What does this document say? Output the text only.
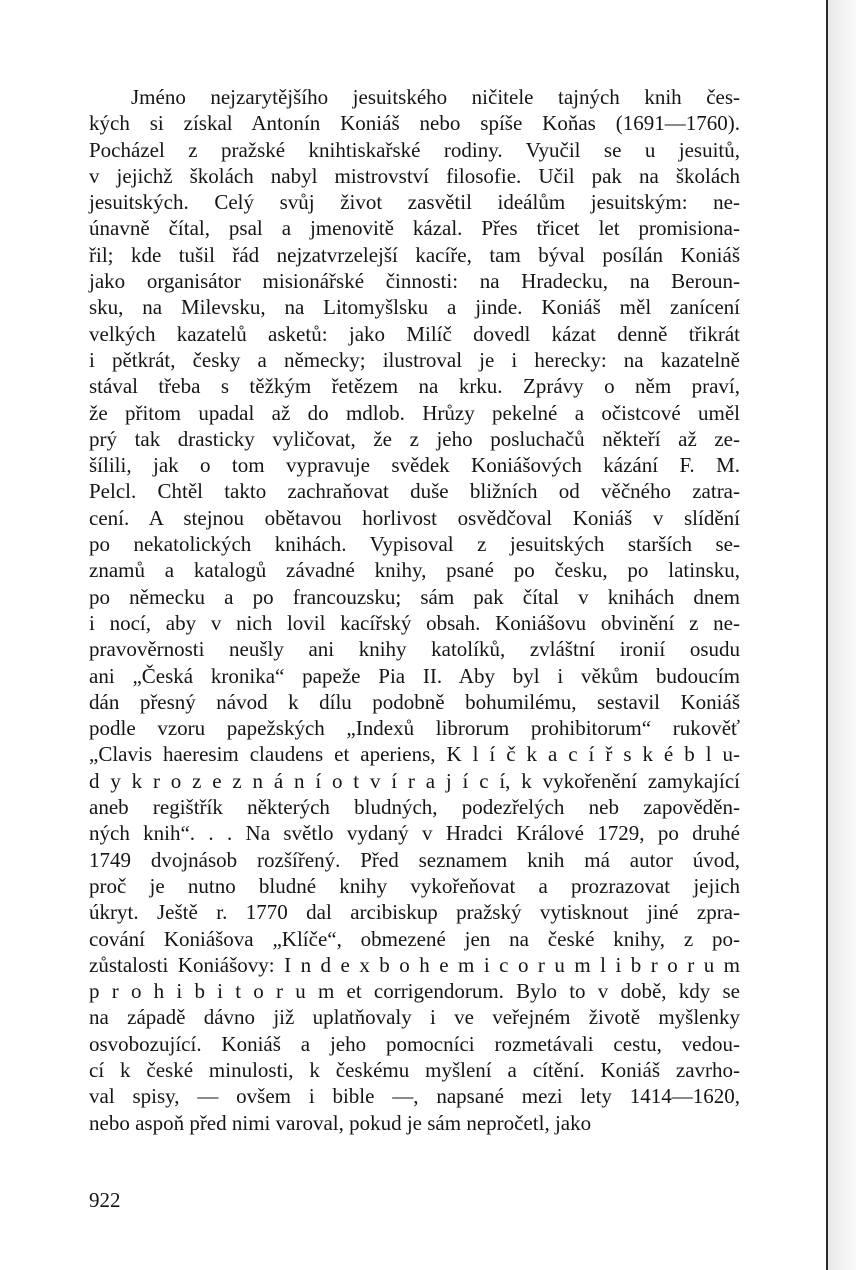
Jméno nejzarytějšího jesuitského ničitele tajných knih čes-
kých si získal Antonín Koniáš nebo spíše Koňas (1691—1760).
Pocházel z pražské knihtiskařské rodiny. Vyučil se u jesuitů,
v jejichž školách nabyl mistrovství filosofie. Učil pak na školách
jesuitských. Celý svůj život zasvětil ideálům jesuitským: ne-
únavně čítal, psal a jmenovitě kázal. Přes třicet let promisiona-
řil; kde tušil řád nejzatvrzelejší kacíře, tam býval posílán Koniáš
jako organisátor misionářské činnosti: na Hradecku, na Beroun-
sku, na Milevsku, na Litomyšlsku a jinde. Koniáš měl zanícení
velkých kazatelů asketů: jako Milíč dovedl kázat denně třikrát
i pětkrát, česky a německy; ilustroval je i herecky: na kazatelně
stával třeba s těžkým řetězem na krku. Zprávy o něm praví,
že přitom upadal až do mdlob. Hrůzy pekelné a očistcové uměl
prý tak drasticky vyličovat, že z jeho posluchačů někteří až ze-
šílili, jak o tom vypravuje svědek Koniášových kázání F. M.
Pelcl. Chtěl takto zachraňovat duše bližních od věčného zatra-
cení. A stejnou obětavou horlivost osvědčoval Koniáš v slídění
po nekatolických knihách. Vypisoval z jesuitských starších se-
znamů a katalogů závadné knihy, psané po česku, po latinsku,
po německu a po francouzsku; sám pak čítal v knihách dnem
i nocí, aby v nich lovil kacířský obsah. Koniášovu obvinění z ne-
pravověrnosti neušly ani knihy katolíků, zvláštní ironií osudu
ani „Česká kronika“ papeže Pia II. Aby byl i věkům budoucím
dán přesný návod k dílu podobně bohumilému, sestavil Koniáš
podle vzoru papežských „Indexů librorum prohibitorum“ rukověť
„Clavis haeresim claudens et aperiens, K l í č k a c í ř s k é b l u-
d y k r o z e z n á n í o t v í r a j í c í, k vykořenění zamykající
aneb regištřík některých bludných, podezřelých neb zapověděn-
ných knih“. . . Na světlo vydaný v Hradci Králové 1729, po druhé
1749 dvojnásob rozšířený. Před seznamem knih má autor úvod,
proč je nutno bludné knihy vykořeňovat a prozrazovat jejich
úkryt. Ještě r. 1770 dal arcibiskup pražský vytisknout jiné zpra-
cování Koniášova „Klíče“, obmezené jen na české knihy, z po-
zůstalosti Koniášovy: I n d e x b o h e m i c o r u m l i b r o r u m
p r o h i b i t o r u m et corrigendorum. Bylo to v době, kdy se
na západě dávno již uplatňovaly i ve veřejném životě myšlenky
osvobozující. Koniáš a jeho pomocníci rozmetávali cestu, vedou-
cí k české minulosti, k českému myšlení a cítění. Koniáš zavrho-
val spisy, — ovšem i bible —, napsané mezi lety 1414—1620,
nebo aspoň před nimi varoval, pokud je sám nepročetl, jako
922
